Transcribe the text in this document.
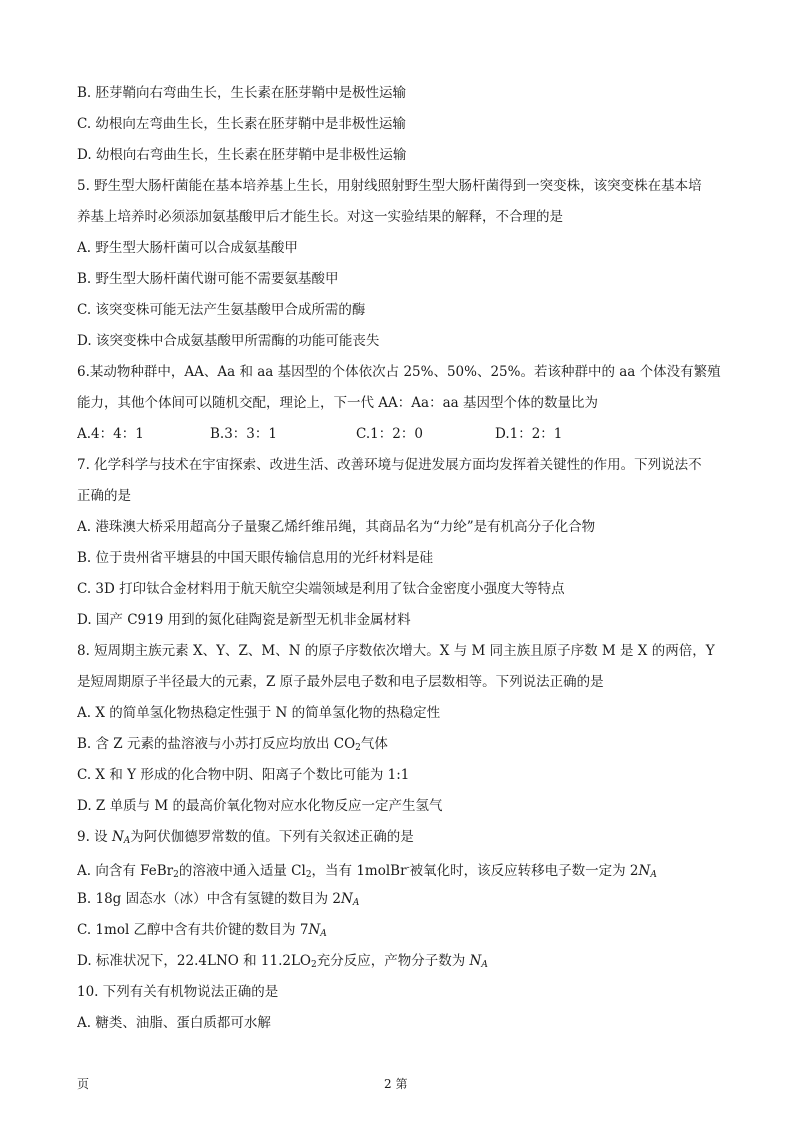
B. 胚芽鞘向右弯曲生长，生长素在胚芽鞘中是极性运输
C. 幼根向左弯曲生长，生长素在胚芽鞘中是非极性运输
D. 幼根向右弯曲生长，生长素在胚芽鞘中是非极性运输
5. 野生型大肠杆菌能在基本培养基上生长，用射线照射野生型大肠杆菌得到一突变株，该突变株在基本培
养基上培养时必须添加氨基酸甲后才能生长。对这一实验结果的解释，不合理的是
A. 野生型大肠杆菌可以合成氨基酸甲
B. 野生型大肠杆菌代谢可能不需要氨基酸甲
C. 该突变株可能无法产生氨基酸甲合成所需的酶
D. 该突变株中合成氨基酸甲所需酶的功能可能丧失
6.某动物种群中，AA、Aa 和 aa 基因型的个体依次占 25%、50%、25%。若该种群中的 aa 个体没有繁殖
能力，其他个体间可以随机交配，理论上，下一代 AA：Aa：aa 基因型个体的数量比为
A.4：4：1	B.3：3：1	C.1：2：0	D.1：2：1
7. 化学科学与技术在宇宙探索、改进生活、改善环境与促进发展方面均发挥着关键性的作用。下列说法不
正确的是
A. 港珠澳大桥采用超高分子量聚乙烯纤维吊绳，其商品名为“力纶”是有机高分子化合物
B. 位于贵州省平塘县的中国天眼传输信息用的光纤材料是硅
C. 3D 打印钛合金材料用于航天航空尖端领域是利用了钛合金密度小强度大等特点
D. 国产 C919 用到的氮化硅陶瓷是新型无机非金属材料
8. 短周期主族元素 X、Y、Z、M、N 的原子序数依次增大。X 与 M 同主族且原子序数 M 是 X 的两倍，Y
是短周期原子半径最大的元素，Z 原子最外层电子数和电子层数相等。下列说法正确的是
A. X 的简单氢化物热稳定性强于 N 的简单氢化物的热稳定性
B. 含 Z 元素的盐溶液与小苏打反应均放出 $CO_2$气体
C. X 和 Y 形成的化合物中阴、阳离子个数比可能为 1:1
D. Z 单质与 M 的最高价氧化物对应水化物反应一定产生氢气
9. 设 $N_A$为阿伏伽德罗常数的值。下列有关叙述正确的是
A. 向含有 FeBr$_2$的溶液中通入适量 $Cl_2$，当有 1molBr-被氧化时，该反应转移电子数一定为 $2N_A$
B. 18g 固态水（冰）中含有氢键的数目为 $2N_A$
C. 1mol 乙醇中含有共价键的数目为 $7N_A$
D. 标准状况下，22.4LNO 和 $11.2LO_2$充分反应，产物分子数为 $N_A$
10. 下列有关有机物说法正确的是
A. 糖类、油脂、蛋白质都可水解
页	2 第
